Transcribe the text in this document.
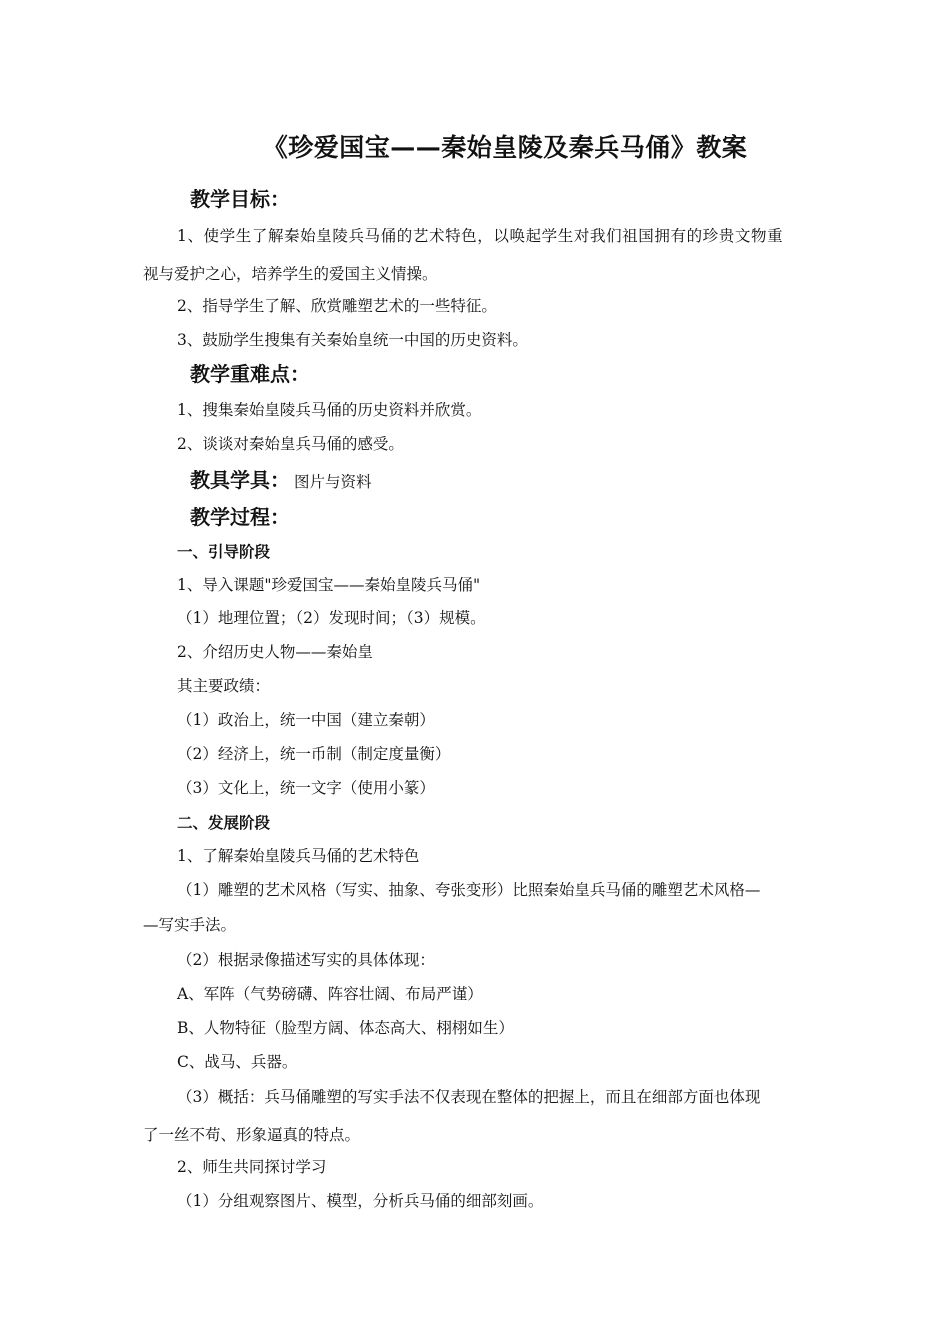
《珍爱国宝——秦始皇陵及秦兵马俑》教案
教学目标：
1、使学生了解秦始皇陵兵马俑的艺术特色，以唤起学生对我们祖国拥有的珍贵文物重
视与爱护之心，培养学生的爱国主义情操。
2、指导学生了解、欣赏雕塑艺术的一些特征。
3、鼓励学生搜集有关秦始皇统一中国的历史资料。
教学重难点：
1、搜集秦始皇陵兵马俑的历史资料并欣赏。
2、谈谈对秦始皇兵马俑的感受。
教具学具： 图片与资料
教学过程：
一、引导阶段
1、导入课题"珍爱国宝——秦始皇陵兵马俑"
（1）地理位置；（2）发现时间；（3）规模。
2、介绍历史人物——秦始皇
其主要政绩：
（1）政治上，统一中国（建立秦朝）
（2）经济上，统一币制（制定度量衡）
（3）文化上，统一文字（使用小篆）
二、发展阶段
1、了解秦始皇陵兵马俑的艺术特色
（1）雕塑的艺术风格（写实、抽象、夸张变形）比照秦始皇兵马俑的雕塑艺术风格—
—写实手法。
（2）根据录像描述写实的具体体现：
A、军阵（气势磅礴、阵容壮阔、布局严谨）
B、人物特征（脸型方阔、体态高大、栩栩如生）
C、战马、兵器。
（3）概括：兵马俑雕塑的写实手法不仅表现在整体的把握上，而且在细部方面也体现
了一丝不苟、形象逼真的特点。
2、师生共同探讨学习
（1）分组观察图片、模型，分析兵马俑的细部刻画。
